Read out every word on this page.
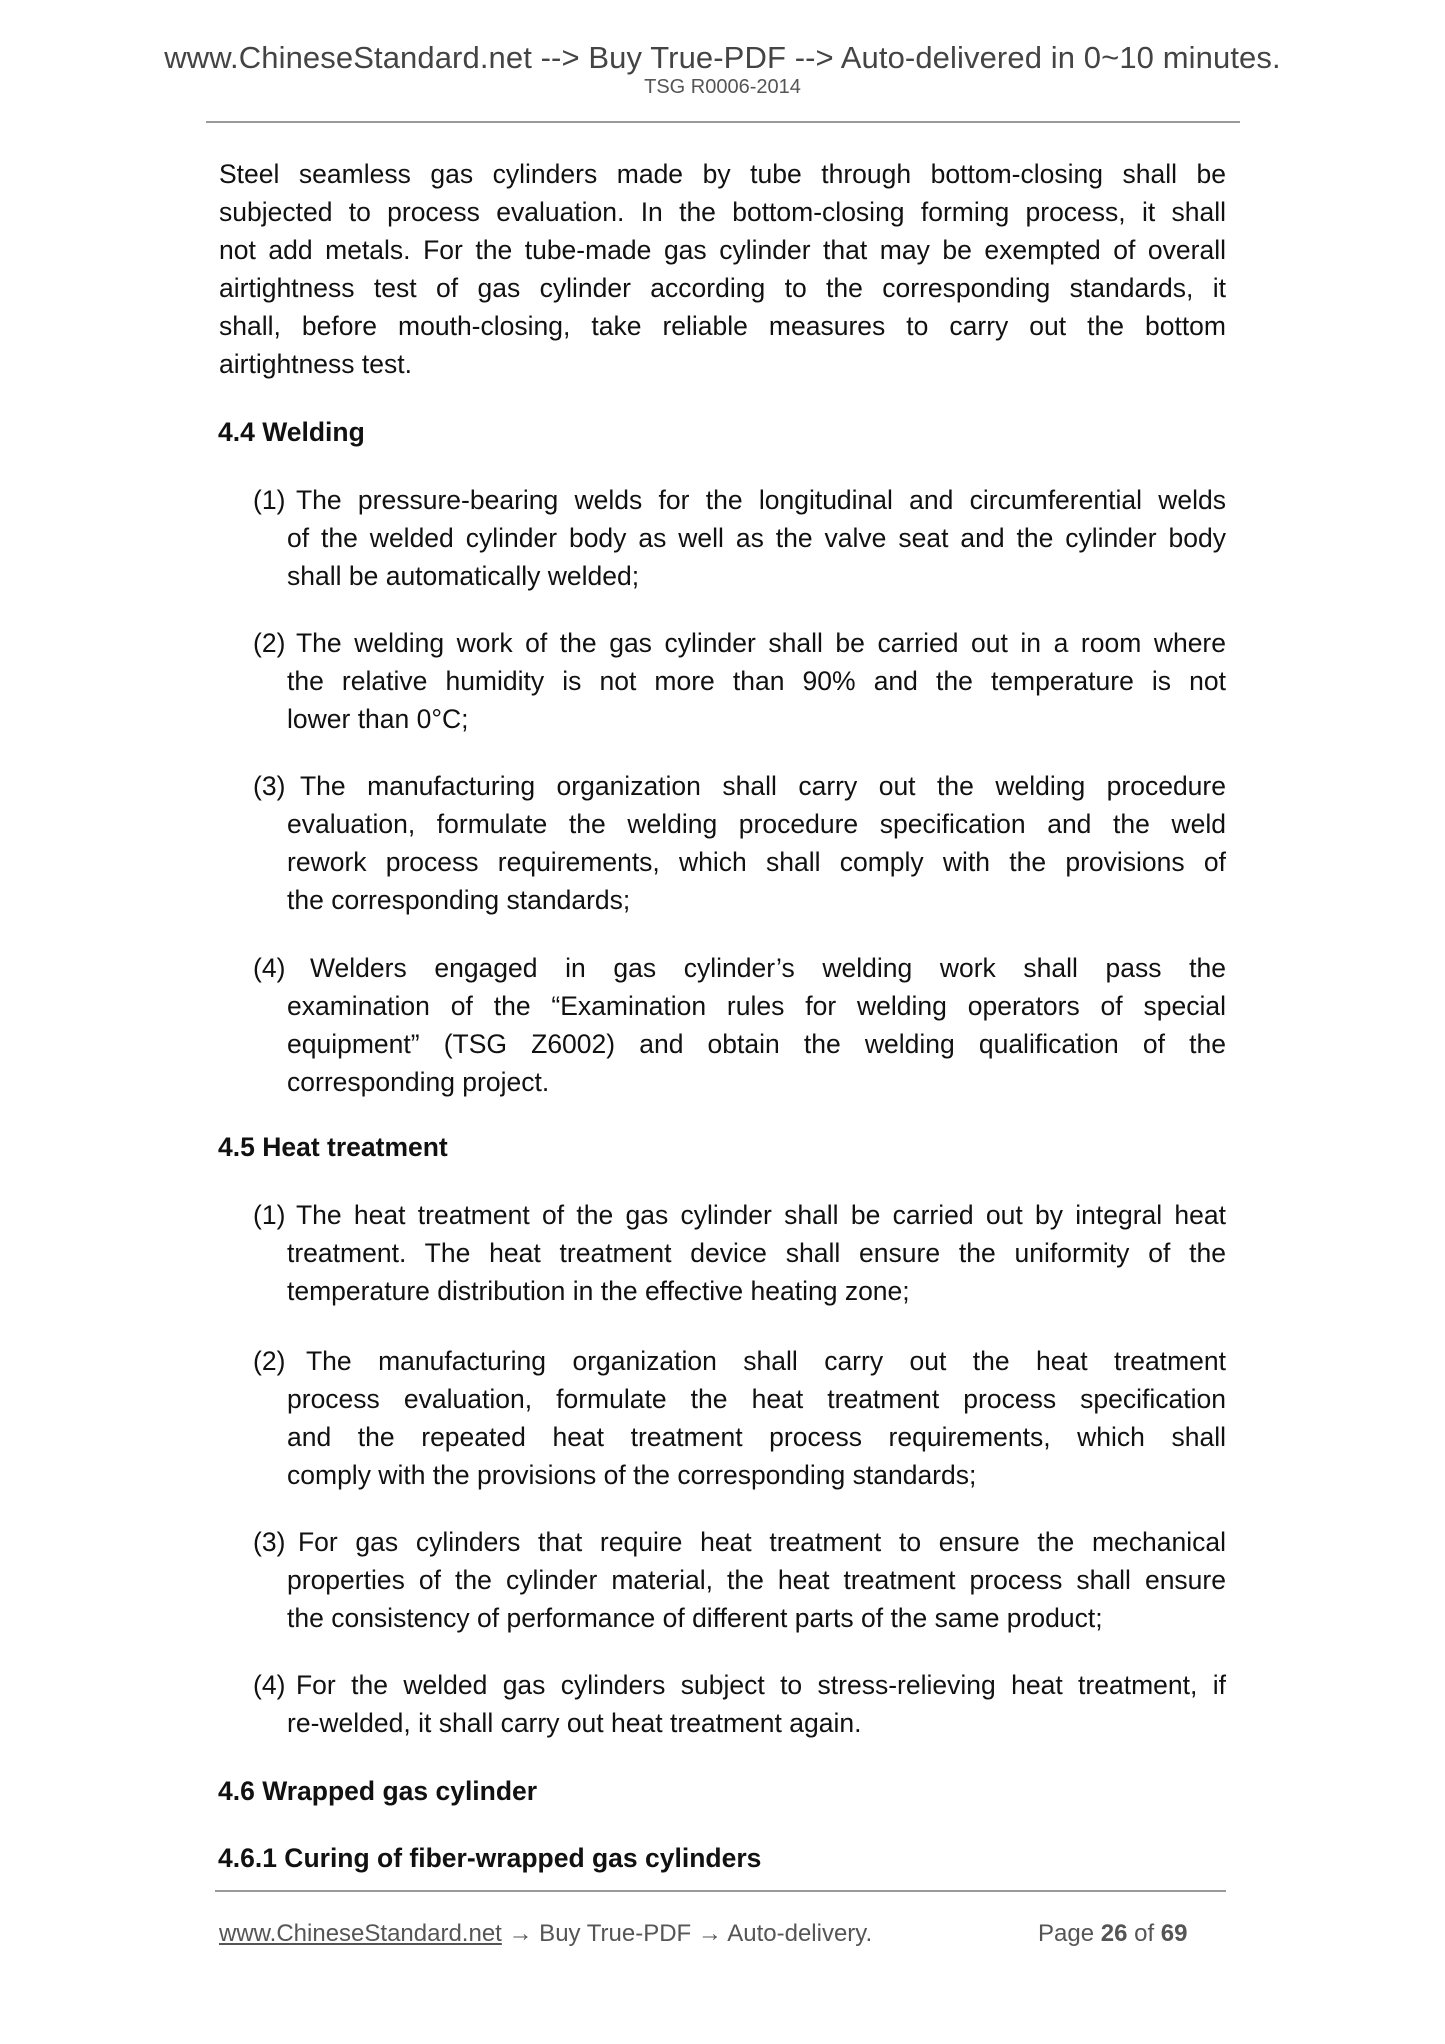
www.ChineseStandard.net --> Buy True-PDF --> Auto-delivered in 0~10 minutes.
TSG R0006-2014
Steel seamless gas cylinders made by tube through bottom-closing shall be
subjected to process evaluation. In the bottom-closing forming process, it shall
not add metals. For the tube-made gas cylinder that may be exempted of overall
airtightness test of gas cylinder according to the corresponding standards, it
shall, before mouth-closing, take reliable measures to carry out the bottom
airtightness test.
4.4 Welding
(1) The pressure-bearing welds for the longitudinal and circumferential welds
of the welded cylinder body as well as the valve seat and the cylinder body
shall be automatically welded;
(2) The welding work of the gas cylinder shall be carried out in a room where
the relative humidity is not more than 90% and the temperature is not
lower than 0°C;
(3) The manufacturing organization shall carry out the welding procedure
evaluation, formulate the welding procedure specification and the weld
rework process requirements, which shall comply with the provisions of
the corresponding standards;
(4) Welders engaged in gas cylinder’s welding work shall pass the
examination of the “Examination rules for welding operators of special
equipment” (TSG Z6002) and obtain the welding qualification of the
corresponding project.
4.5 Heat treatment
(1) The heat treatment of the gas cylinder shall be carried out by integral heat
treatment. The heat treatment device shall ensure the uniformity of the
temperature distribution in the effective heating zone;
(2) The manufacturing organization shall carry out the heat treatment
process evaluation, formulate the heat treatment process specification
and the repeated heat treatment process requirements, which shall
comply with the provisions of the corresponding standards;
(3) For gas cylinders that require heat treatment to ensure the mechanical
properties of the cylinder material, the heat treatment process shall ensure
the consistency of performance of different parts of the same product;
(4) For the welded gas cylinders subject to stress-relieving heat treatment, if
re-welded, it shall carry out heat treatment again.
4.6 Wrapped gas cylinder
4.6.1 Curing of fiber-wrapped gas cylinders
www.ChineseStandard.net → Buy True-PDF → Auto-delivery.	Page 26 of 69
